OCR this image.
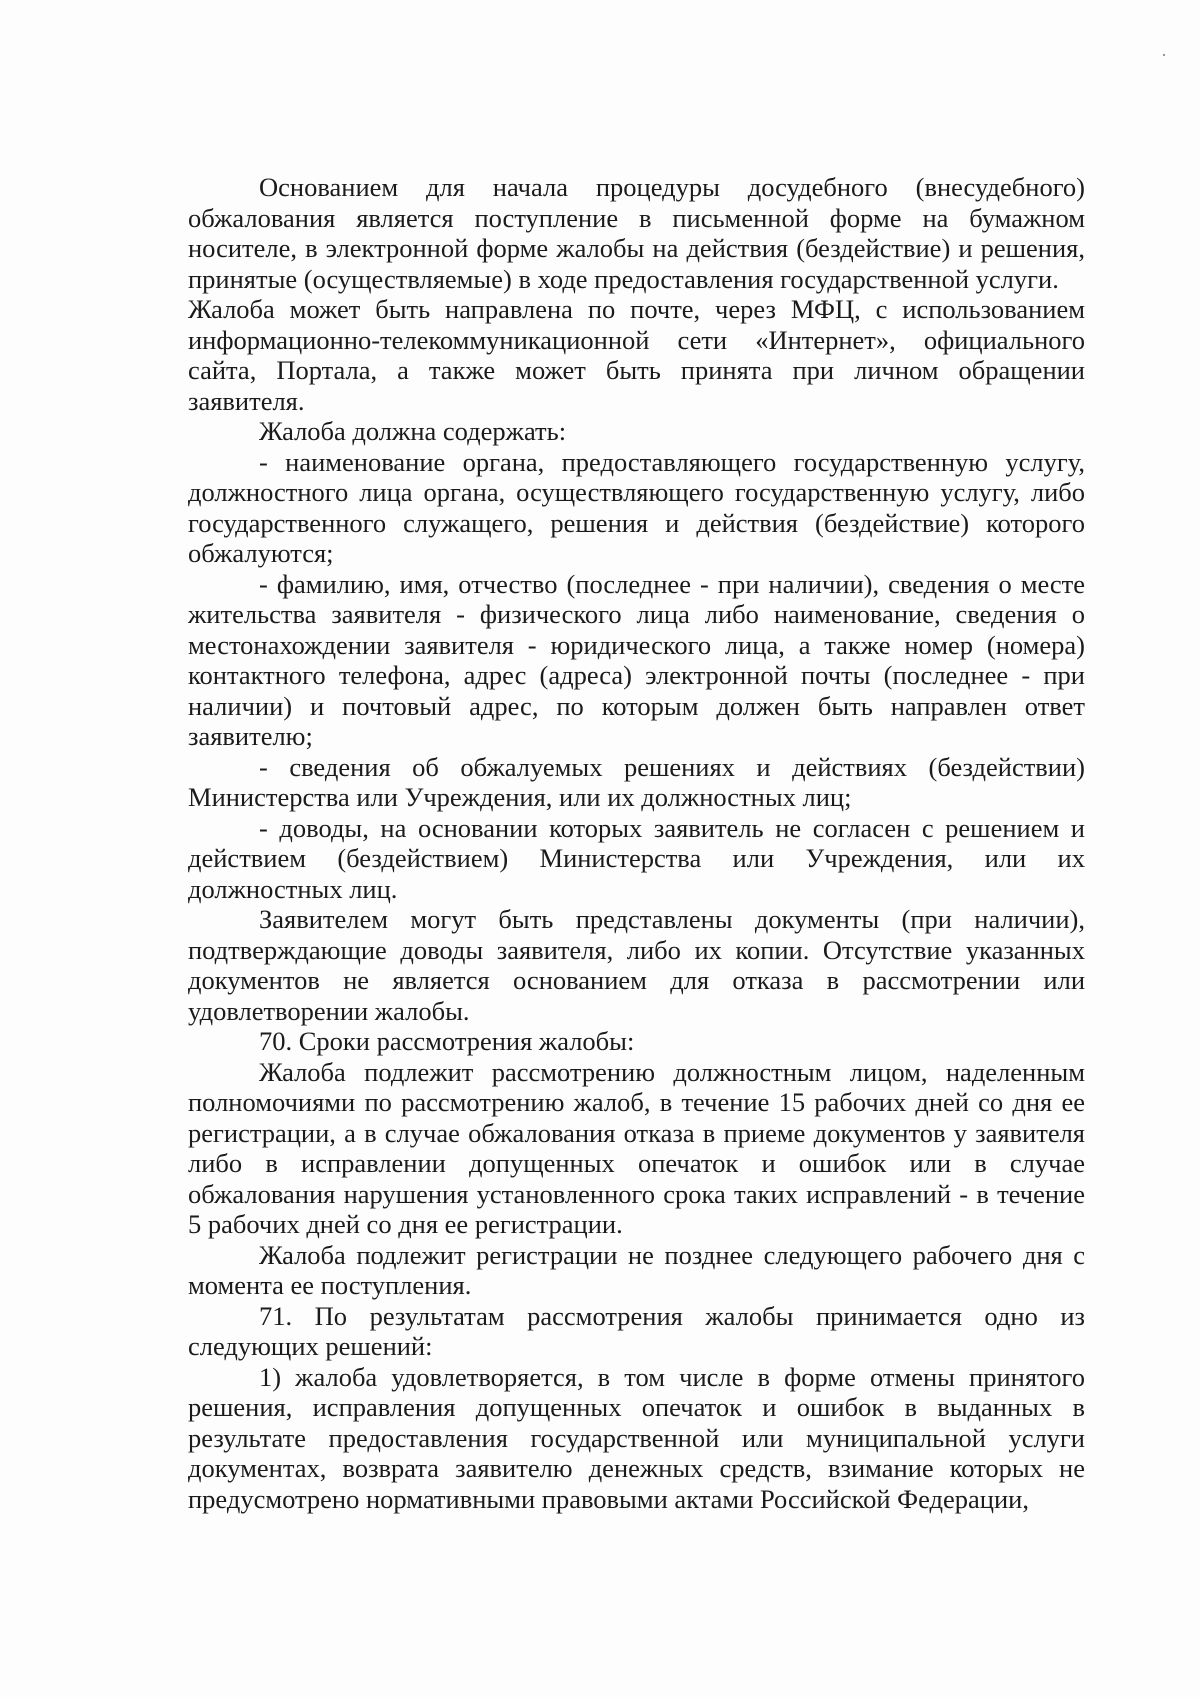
Основанием для начала процедуры досудебного (внесудебного) обжалования является поступление в письменной форме на бумажном носителе, в электронной форме жалобы на действия (бездействие) и решения, принятые (осуществляемые) в ходе предоставления государственной услуги.

Жалоба может быть направлена по почте, через МФЦ, с использованием информационно-телекоммуникационной сети «Интернет», официального сайта, Портала, а также может быть принята при личном обращении заявителя.

Жалоба должна содержать:

- наименование органа, предоставляющего государственную услугу, должностного лица органа, осуществляющего государственную услугу, либо государственного служащего, решения и действия (бездействие) которого обжалуются;

- фамилию, имя, отчество (последнее - при наличии), сведения о месте жительства заявителя - физического лица либо наименование, сведения о местонахождении заявителя - юридического лица, а также номер (номера) контактного телефона, адрес (адреса) электронной почты (последнее - при наличии) и почтовый адрес, по которым должен быть направлен ответ заявителю;

- сведения об обжалуемых решениях и действиях (бездействии) Министерства или Учреждения, или их должностных лиц;

- доводы, на основании которых заявитель не согласен с решением и действием (бездействием) Министерства или Учреждения, или их должностных лиц.

Заявителем могут быть представлены документы (при наличии), подтверждающие доводы заявителя, либо их копии. Отсутствие указанных документов не является основанием для отказа в рассмотрении или удовлетворении жалобы.

70. Сроки рассмотрения жалобы:

Жалоба подлежит рассмотрению должностным лицом, наделенным полномочиями по рассмотрению жалоб, в течение 15 рабочих дней со дня ее регистрации, а в случае обжалования отказа в приеме документов у заявителя либо в исправлении допущенных опечаток и ошибок или в случае обжалования нарушения установленного срока таких исправлений - в течение 5 рабочих дней со дня ее регистрации.

Жалоба подлежит регистрации не позднее следующего рабочего дня с момента ее поступления.

71. По результатам рассмотрения жалобы принимается одно из следующих решений:

1) жалоба удовлетворяется, в том числе в форме отмены принятого решения, исправления допущенных опечаток и ошибок в выданных в результате предоставления государственной или муниципальной услуги документах, возврата заявителю денежных средств, взимание которых не предусмотрено нормативными правовыми актами Российской Федерации,
